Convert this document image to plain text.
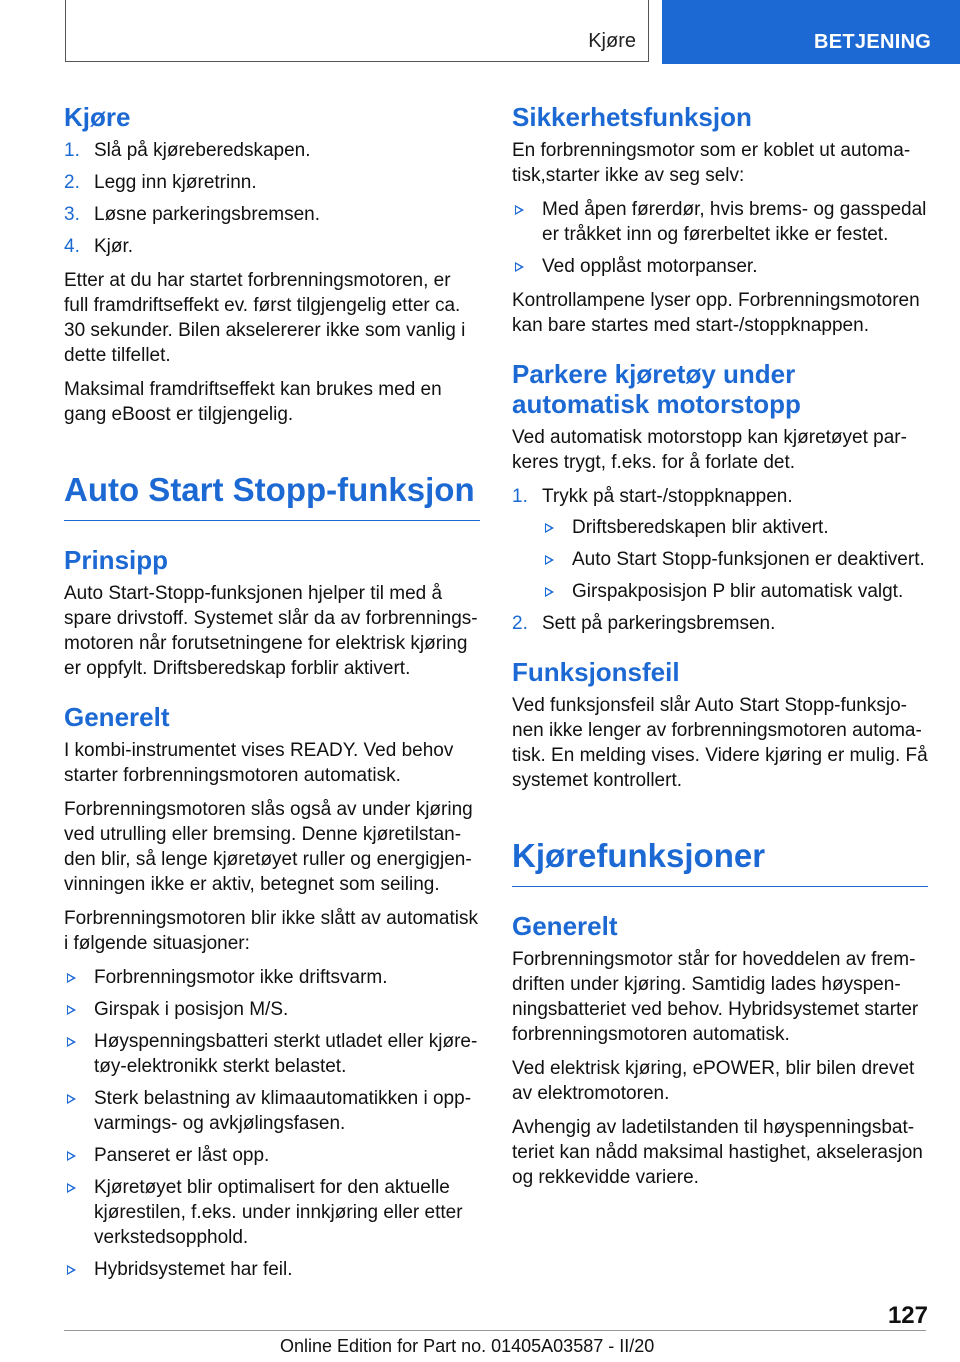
Kjøre	BETJENING
Kjøre
1. Slå på kjøreberedskapen.
2. Legg inn kjøretrinn.
3. Løsne parkeringsbremsen.
4. Kjør.

Etter at du har startet forbrenningsmotoren, er full framdriftseffekt ev. først tilgjengelig etter ca. 30 sekunder. Bilen akselererer ikke som vanlig i dette tilfellet.

Maksimal framdriftseffekt kan brukes med en gang eBoost er tilgjengelig.

Auto Start Stopp-funksjon
Prinsipp

Auto Start-Stopp-funksjonen hjelper til med å spare drivstoff. Systemet slår da av forbrenningsmotoren når forutsetningene for elektrisk kjøring er oppfylt. Driftsberedskap forblir aktivert.

Generelt

I kombi-instrumentet vises READY. Ved behov starter forbrenningsmotoren automatisk.

Forbrenningsmotoren slås også av under kjøring ved utrulling eller bremsing. Denne kjøretilstanden blir, så lenge kjøretøyet ruller og energigjenvinningen ikke er aktiv, betegnet som seiling.

Forbrenningsmotoren blir ikke slått av automatisk i følgende situasjoner:

Forbrenningsmotor ikke driftsvarm.
Girspak i posisjon M/S.
Høyspenningsbatteri sterkt utladet eller kjøretøy-elektronikk sterkt belastet.
Sterk belastning av klimaautomatikken i oppvarmings- og avkjølingsfasen.
Panseret er låst opp.
Kjøretøyet blir optimalisert for den aktuelle kjørestilen, f.eks. under innkjøring eller etter verkstedsopphold.
Hybridsystemet har feil.
Sikkerhetsfunksjon

En forbrenningsmotor som er koblet ut automatisk,starter ikke av seg selv:

Med åpen førerdør, hvis brems- og gasspedal er tråkket inn og førerbeltet ikke er festet.
Ved opplåst motorpanser.

Kontrollampene lyser opp. Forbrenningsmotoren kan bare startes med start-/stoppknappen.

Parkere kjøretøy under automatisk motorstopp

Ved automatisk motorstopp kan kjøretøyet parkeres trygt, f.eks. for å forlate det.

1. Trykk på start-/stoppknappen.
Driftsberedskapen blir aktivert.
Auto Start Stopp-funksjonen er deaktivert.
Girspakposisjon P blir automatisk valgt.
2. Sett på parkeringsbremsen.
Funksjonsfeil

Ved funksjonsfeil slår Auto Start Stopp-funksjonen ikke lenger av forbrenningsmotoren automatisk. En melding vises. Videre kjøring er mulig. Få systemet kontrollert.

Kjørefunksjoner
Generelt

Forbrenningsmotor står for hoveddelen av fremdriften under kjøring. Samtidig lades høyspenningsbatteriet ved behov. Hybridsystemet starter forbrenningsmotoren automatisk.

Ved elektrisk kjøring, ePOWER, blir bilen drevet av elektromotoren.

Avhengig av ladetilstanden til høyspenningsbatteriet kan nådd maksimal hastighet, akselerasjon og rekkevidde variere.

127
Online Edition for Part no. 01405A03587 - II/20
